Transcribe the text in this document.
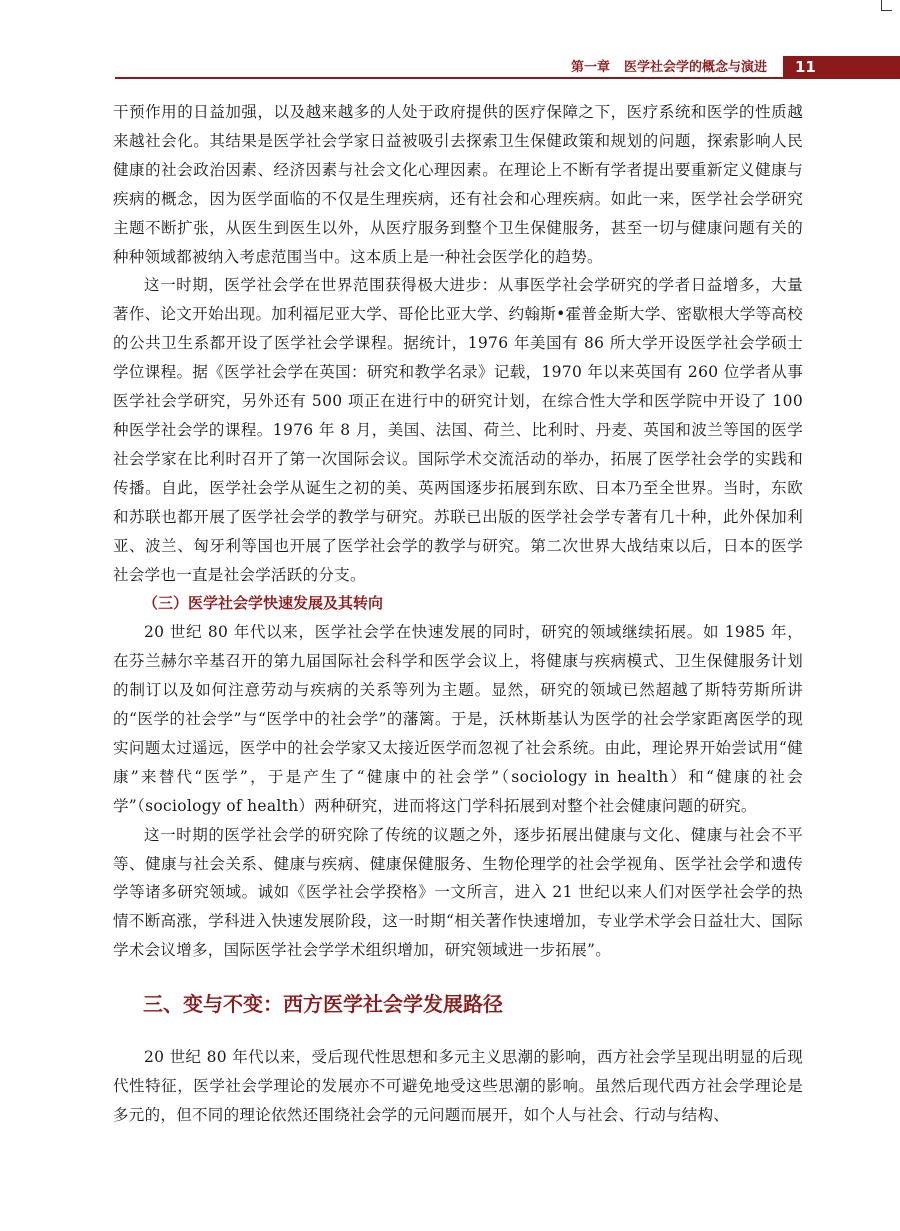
第一章 医学社会学的概念与演进	11

干预作用的日益加强，以及越来越多的人处于政府提供的医疗保障之下，医疗系统和医学的性质越来越社会化。其结果是医学社会学家日益被吸引去探索卫生保健政策和规划的问题，探索影响人民健康的社会政治因素、经济因素与社会文化心理因素。在理论上不断有学者提出要重新定义健康与疾病的概念，因为医学面临的不仅是生理疾病，还有社会和心理疾病。如此一来，医学社会学研究主题不断扩张，从医生到医生以外，从医疗服务到整个卫生保健服务，甚至一切与健康问题有关的种种领域都被纳入考虑范围当中。这本质上是一种社会医学化的趋势。

这一时期，医学社会学在世界范围获得极大进步：从事医学社会学研究的学者日益增多，大量著作、论文开始出现。加利福尼亚大学、哥伦比亚大学、约翰斯•霍普金斯大学、密歇根大学等高校的公共卫生系都开设了医学社会学课程。据统计，1976 年美国有 86 所大学开设医学社会学硕士学位课程。据《医学社会学在英国：研究和教学名录》记载，1970 年以来英国有 260 位学者从事医学社会学研究，另外还有 500 项正在进行中的研究计划，在综合性大学和医学院中开设了 100 种医学社会学的课程。1976 年 8 月，美国、法国、荷兰、比利时、丹麦、英国和波兰等国的医学社会学家在比利时召开了第一次国际会议。国际学术交流活动的举办，拓展了医学社会学的实践和传播。自此，医学社会学从诞生之初的美、英两国逐步拓展到东欧、日本乃至全世界。当时，东欧和苏联也都开展了医学社会学的教学与研究。苏联已出版的医学社会学专著有几十种，此外保加利亚、波兰、匈牙利等国也开展了医学社会学的教学与研究。第二次世界大战结束以后，日本的医学社会学也一直是社会学活跃的分支。

（三）医学社会学快速发展及其转向

20 世纪 80 年代以来，医学社会学在快速发展的同时，研究的领域继续拓展。如 1985 年，在芬兰赫尔辛基召开的第九届国际社会科学和医学会议上，将健康与疾病模式、卫生保健服务计划的制订以及如何注意劳动与疾病的关系等列为主题。显然，研究的领域已然超越了斯特劳斯所讲的“医学的社会学”与“医学中的社会学”的藩篱。于是，沃林斯基认为医学的社会学家距离医学的现实问题太过遥远，医学中的社会学家又太接近医学而忽视了社会系统。由此，理论界开始尝试用“健康”来替代“医学”，于是产生了“健康中的社会学”（sociology in health）和“健康的社会学”（sociology of health）两种研究，进而将这门学科拓展到对整个社会健康问题的研究。

这一时期的医学社会学的研究除了传统的议题之外，逐步拓展出健康与文化、健康与社会不平等、健康与社会关系、健康与疾病、健康保健服务、生物伦理学的社会学视角、医学社会学和遗传学等诸多研究领域。诚如《医学社会学揆格》一文所言，进入 21 世纪以来人们对医学社会学的热情不断高涨，学科进入快速发展阶段，这一时期“相关著作快速增加，专业学术学会日益壮大、国际学术会议增多，国际医学社会学学术组织增加，研究领域进一步拓展”。

三、变与不变：西方医学社会学发展路径

20 世纪 80 年代以来，受后现代性思想和多元主义思潮的影响，西方社会学呈现出明显的后现代性特征，医学社会学理论的发展亦不可避免地受这些思潮的影响。虽然后现代西方社会学理论是多元的，但不同的理论依然还围绕社会学的元问题而展开，如个人与社会、行动与结构、
